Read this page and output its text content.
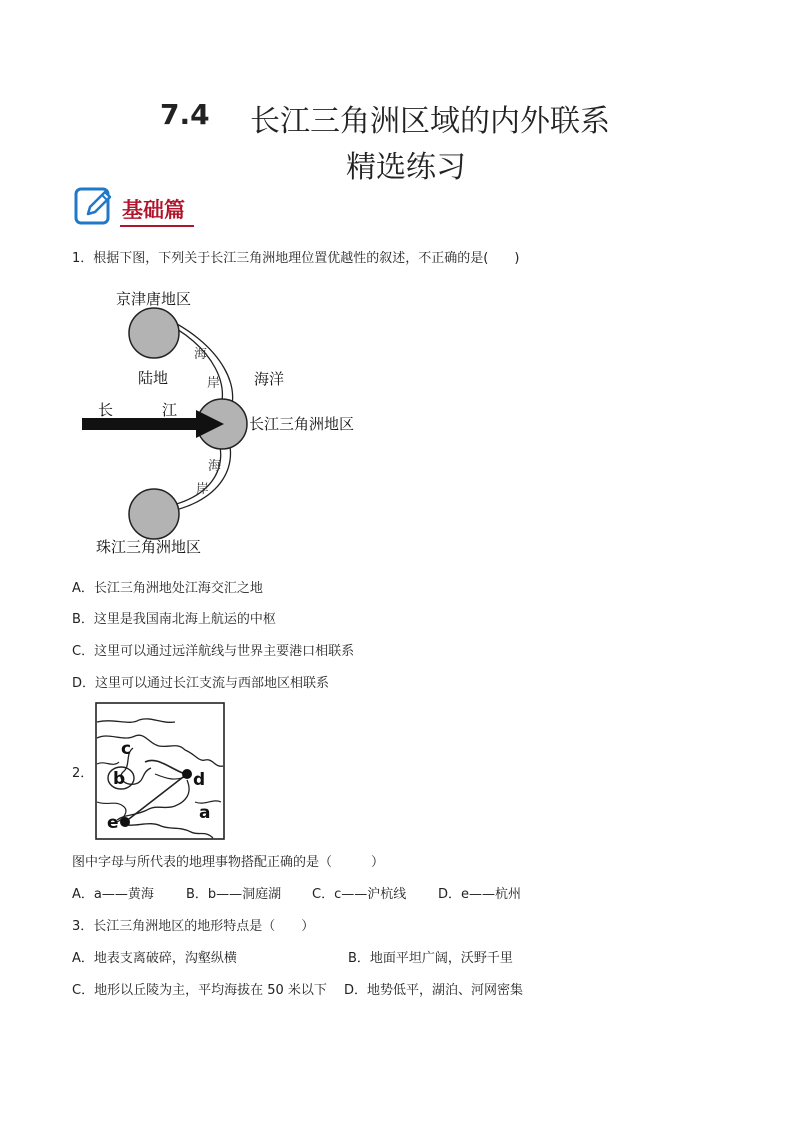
7.4 长江三角洲区域的内外联系
精选练习
基础篇
1．根据下图，下列关于长江三角洲地理位置优越性的叙述，不正确的是(　　)
京津唐地区
陆地	海洋
海
岸
长	江
长江三角洲地区
海
岸
珠江三角洲地区
A．长江三角洲地处江海交汇之地
B．这里是我国南北海上航运的中枢
C．这里可以通过远洋航线与世界主要港口相联系
D．这里可以通过长江支流与西部地区相联系
2．
c
b	d
a
e
图中字母与所代表的地理事物搭配正确的是（　　　）
A．a——黄海 B．b——洞庭湖 C．c——沪杭线 D．e——杭州
3．长江三角洲地区的地形特点是（　　）
A．地表支离破碎，沟壑纵横	B．地面平坦广阔，沃野千里
C．地形以丘陵为主，平均海拔在 50 米以下 D．地势低平，湖泊、河网密集
